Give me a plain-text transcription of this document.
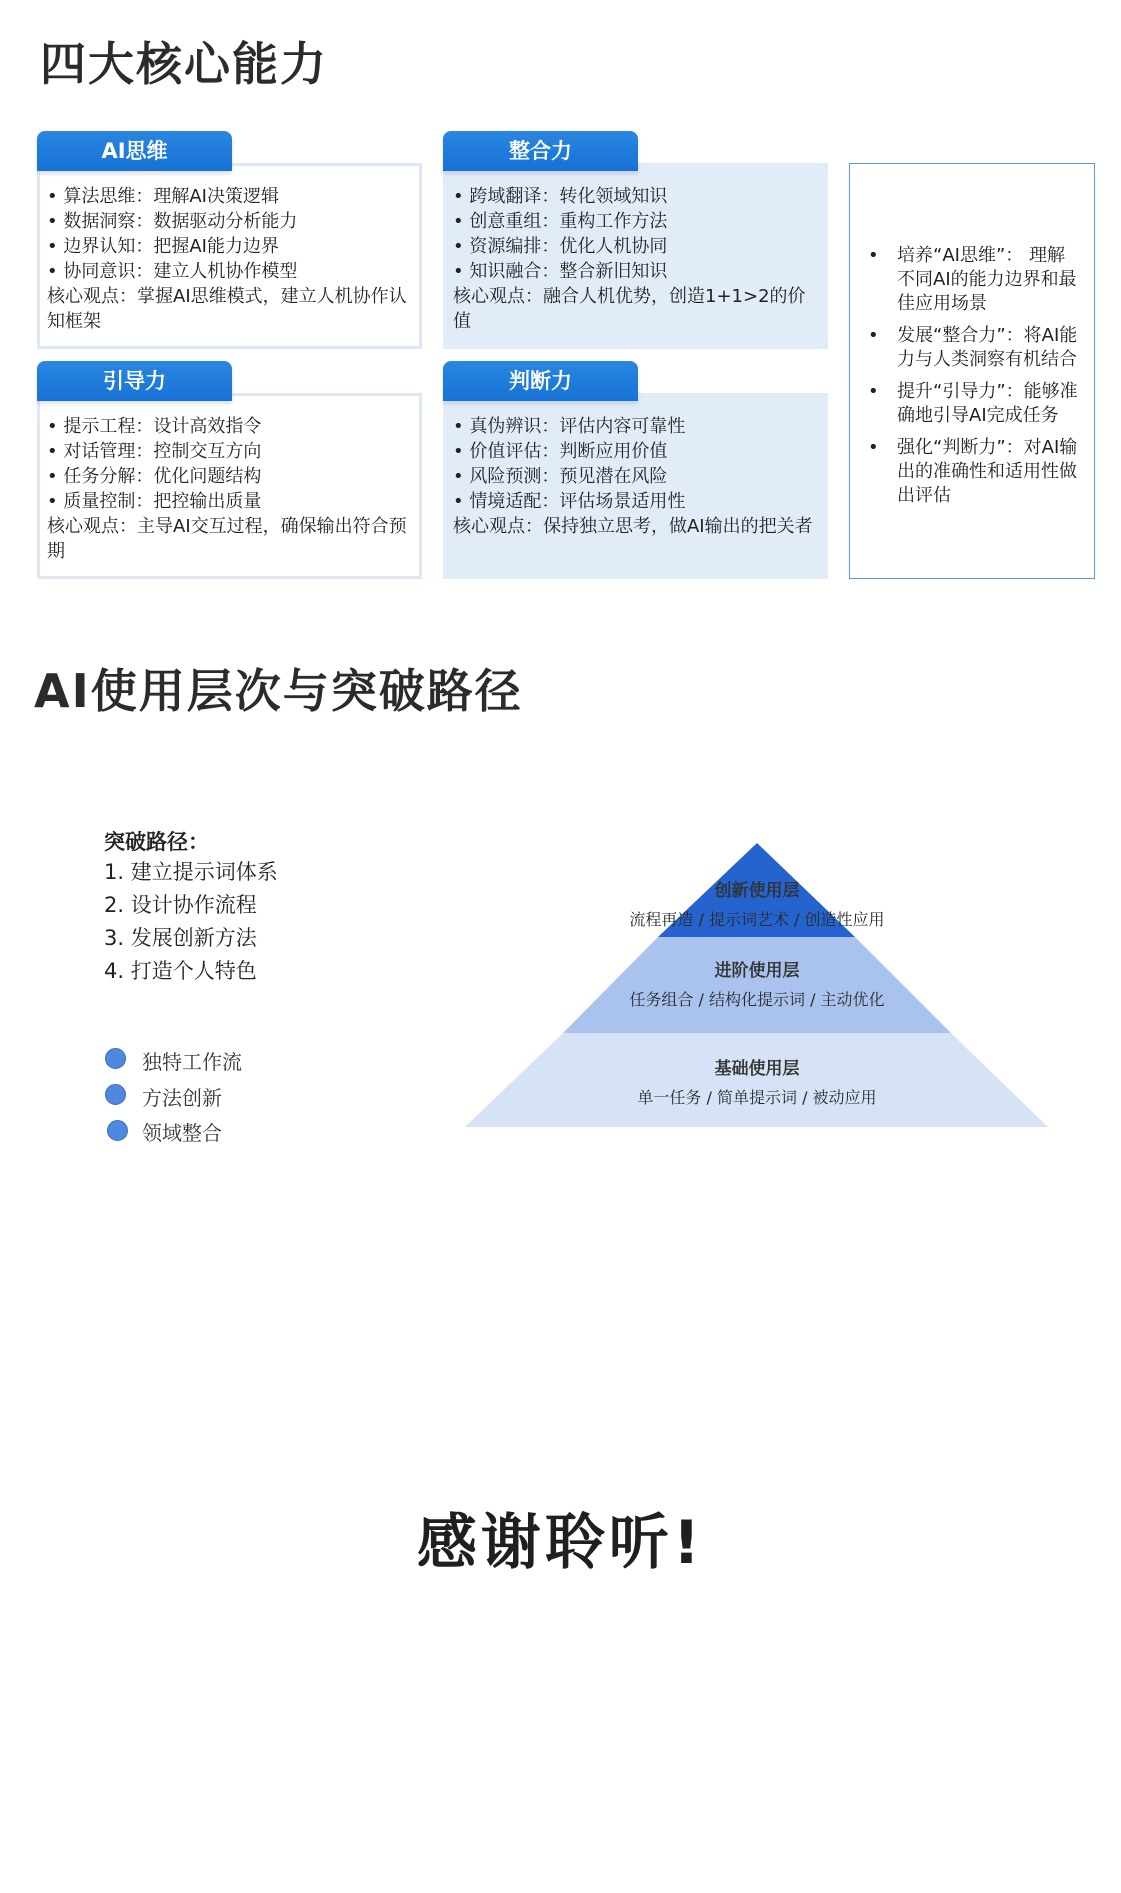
四大核心能力
• 算法思维：理解AI决策逻辑
• 数据洞察：数据驱动分析能力
• 边界认知：把握AI能力边界
• 协同意识：建立人机协作模型
核心观点：掌握AI思维模式，建立人机协作认知框架
AI思维
• 跨域翻译：转化领域知识
• 创意重组：重构工作方法
• 资源编排：优化人机协同
• 知识融合：整合新旧知识
核心观点：融合人机优势，创造1+1>2的价值
整合力
• 提示工程：设计高效指令
• 对话管理：控制交互方向
• 任务分解：优化问题结构
• 质量控制：把控输出质量
核心观点：主导AI交互过程，确保输出符合预期
引导力
• 真伪辨识：评估内容可靠性
• 价值评估：判断应用价值
• 风险预测：预见潜在风险
• 情境适配：评估场景适用性
核心观点：保持独立思考，做AI输出的把关者
判断力
• 培养“AI思维”： 理解不同AI的能力边界和最佳应用场景
• 发展“整合力”：将AI能力与人类洞察有机结合
• 提升“引导力”：能够准确地引导AI完成任务
• 强化“判断力”：对AI输出的准确性和适用性做出评估
AI使用层次与突破路径
突破路径：
1. 建立提示词体系
2. 设计协作流程
3. 发展创新方法
4. 打造个人特色
独特工作流
方法创新
领域整合
创新使用层
流程再造 / 提示词艺术 / 创造性应用
进阶使用层
任务组合 / 结构化提示词 / 主动优化
基础使用层
单一任务 / 简单提示词 / 被动应用
感谢聆听!
